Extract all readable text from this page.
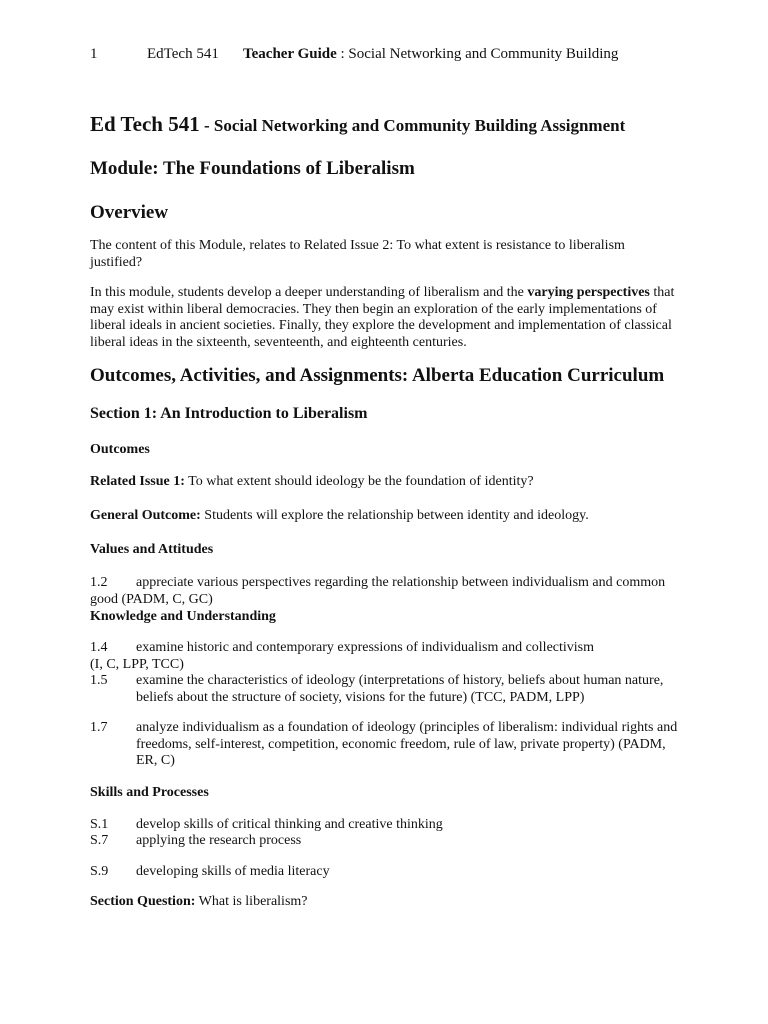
1	EdTech 541 Teacher Guide : Social Networking and Community Building
Ed Tech 541 - Social Networking and Community Building Assignment
Module: The Foundations of Liberalism
Overview

The content of this Module, relates to Related Issue 2: To what extent is resistance to liberalism justified?

In this module, students develop a deeper understanding of liberalism and the varying perspectives that may exist within liberal democracies. They then begin an exploration of the early implementations of liberal ideals in ancient societies. Finally, they explore the development and implementation of classical liberal ideas in the sixteenth, seventeenth, and eighteenth centuries.

Outcomes, Activities, and Assignments: Alberta Education Curriculum
Section 1: An Introduction to Liberalism
Outcomes

Related Issue 1: To what extent should ideology be the foundation of identity?

General Outcome: Students will explore the relationship between identity and ideology.

Values and Attitudes
1.2 appreciate various perspectives regarding the relationship between individualism and common
good (PADM, C, GC)
Knowledge and Understanding
1.4 examine historic and contemporary expressions of individualism and collectivism
(I, C, LPP, TCC)
1.5	examine the characteristics of ideology (interpretations of history, beliefs about human nature, beliefs about the structure of society, visions for the future) (TCC, PADM, LPP)
1.7	analyze individualism as a foundation of ideology (principles of liberalism: individual rights and freedoms, self-interest, competition, economic freedom, rule of law, private property) (PADM, ER, C)
Skills and Processes
S.1	develop skills of critical thinking and creative thinking
S.7	applying the research process
S.9	developing skills of media literacy

Section Question: What is liberalism?
